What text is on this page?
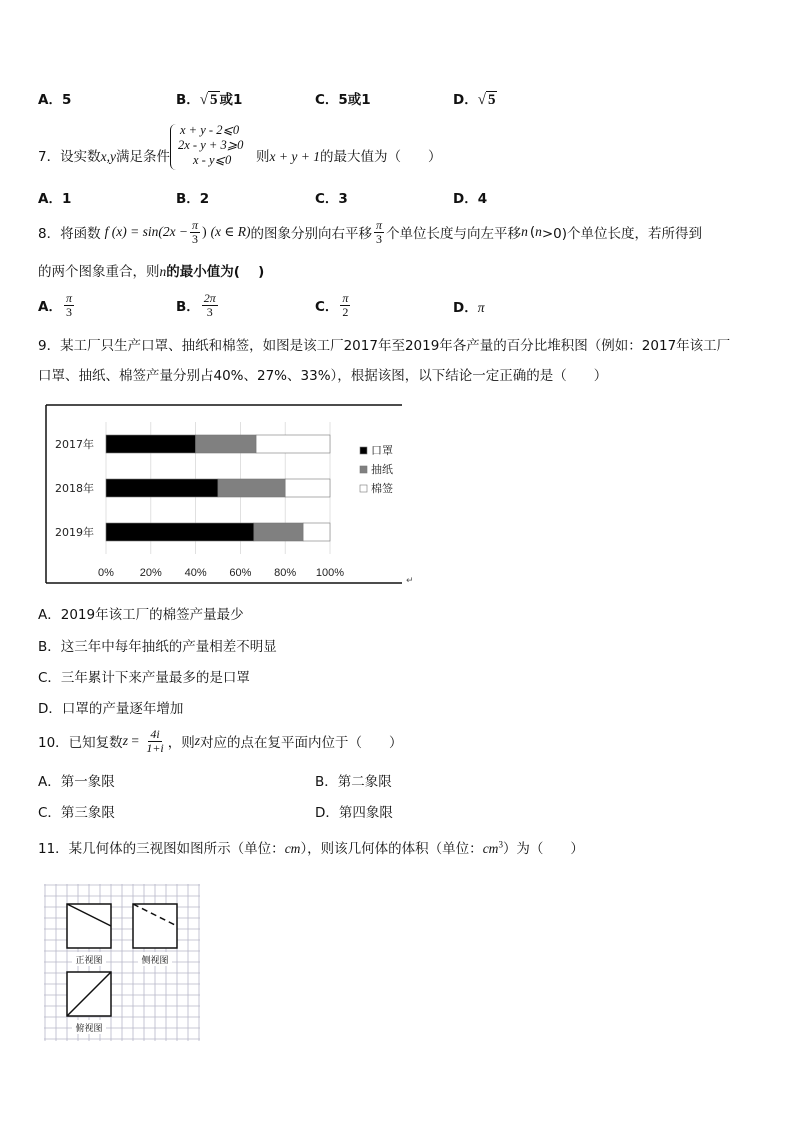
A．5	B．√ 5 或1	C．5或1	D．√ 5
7．设实数x,y满足条件
x + y - 2⩽0
2x - y + 3⩾0
x - y⩽0 则x + y + 1的最大值为（　　）
A．1	B．2	C．3	D．4
8．将函数 f $(x) = \sin(2x - \frac{\pi}{3}$ ) (x ∈ R) 的图象分别向右平移 $\frac{\pi}{3}$ 个单位长度与向左平移 n ( n >0)个单位长度，若所得到
的两个图象重合，则n的最小值为(　 )
A． $\frac{\pi}{3}$	B． $\frac{2\pi}{3}$	C． $\frac{\pi}{2}$	D．π
9．某工厂只生产口罩、抽纸和棉签，如图是该工厂2017年至2019年各产量的百分比堆积图（例如：2017年该工厂
口罩、抽纸、棉签产量分别占40%、27%、33%），根据该图，以下结论一定正确的是（　　）
0% 20% 40% 60% 80% 100%
2017年
2018年
2019年
口罩
抽纸
棉签
↵
A．2019年该工厂的棉签产量最少
B．这三年中每年抽纸的产量相差不明显
C．三年累计下来产量最多的是口罩
D．口罩的产量逐年增加
10．已知复数 $z = \frac{4i}{1+i}$ ，则 z 对应的点在复平面内位于（　　）
A．第一象限	B．第二象限
C．第三象限	D．第四象限
11．某几何体的三视图如图所示（单位：cm），则该几何体的体积（单位：$cm^3$）为（　　）
正视图	侧视图
俯视图
